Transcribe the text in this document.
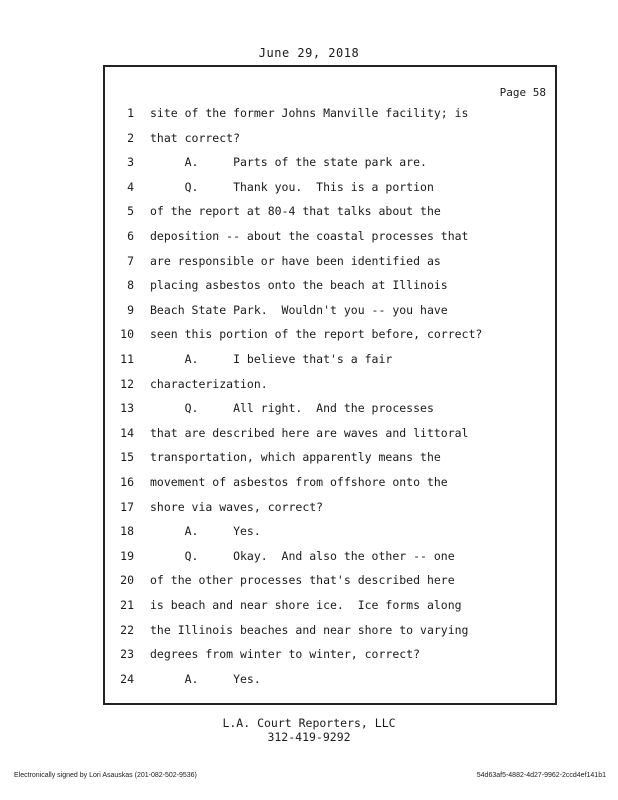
June 29, 2018
Page 58
1 site of the former Johns Manville facility; is
2 that correct?
3 A.     Parts of the state park are.
4 Q.     Thank you.  This is a portion
5 of the report at 80-4 that talks about the
6 deposition -- about the coastal processes that
7 are responsible or have been identified as
8 placing asbestos onto the beach at Illinois
9 Beach State Park.  Wouldn't you -- you have
10 seen this portion of the report before, correct?
11 A.     I believe that's a fair
12 characterization.
13 Q.     All right.  And the processes
14 that are described here are waves and littoral
15 transportation, which apparently means the
16 movement of asbestos from offshore onto the
17 shore via waves, correct?
18 A.     Yes.
19 Q.     Okay.  And also the other -- one
20 of the other processes that's described here
21 is beach and near shore ice.  Ice forms along
22 the Illinois beaches and near shore to varying
23 degrees from winter to winter, correct?
24 A.     Yes.
L.A. Court Reporters, LLC
312-419-9292
Electronically signed by Lori Asauskas (201-082-502-9536)	54d63af5-4882-4d27-9962-2ccd4ef141b1
